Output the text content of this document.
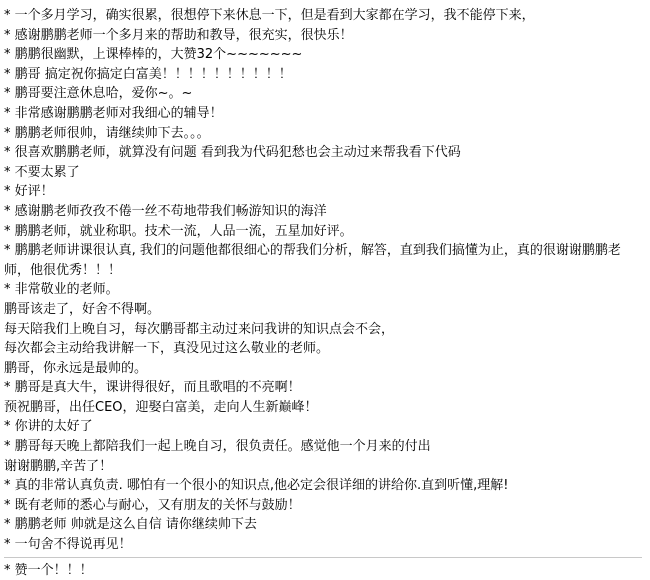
* 一个多月学习，确实很累，很想停下来休息一下，但是看到大家都在学习，我不能停下来，
* 感谢鹏鹏老师一个多月来的帮助和教导，很充实，很快乐！
* 鹏鹏很幽默，上课棒棒的，大赞32个~~~~~~~
* 鹏哥 搞定祝你搞定白富美！！！！！！！！！！
* 鹏哥要注意休息哈，爱你~。~
* 非常感谢鹏鹏老师对我细心的辅导！
* 鹏鹏老师很帅，请继续帅下去。。。
* 很喜欢鹏鹏老师，就算没有问题 看到我为代码犯愁也会主动过来帮我看下代码
* 不要太累了
* 好评！
* 感谢鹏老师孜孜不倦一丝不苟地带我们畅游知识的海洋
* 鹏鹏老师，就业称职。技术一流，人品一流，五星加好评。
* 鹏鹏老师讲课很认真, 我们的问题他都很细心的帮我们分析，解答，直到我们搞懂为止，真的很谢谢鹏鹏老师，他很优秀！！！
* 非常敬业的老师。
鹏哥该走了，好舍不得啊。
每天陪我们上晚自习，每次鹏哥都主动过来问我讲的知识点会不会，
每次都会主动给我讲解一下，真没见过这么敬业的老师。
鹏哥，你永远是最帅的。
* 鹏哥是真大牛，课讲得很好，而且歌唱的不亮啊！
预祝鹏哥，出任CEO，迎娶白富美，走向人生新巅峰！
* 你讲的太好了
* 鹏哥每天晚上都陪我们一起上晚自习，很负责任。感觉他一个月来的付出
谢谢鹏鹏,辛苦了！
* 真的非常认真负责. 哪怕有一个很小的知识点,他必定会很详细的讲给你.直到听懂,理解!
* 既有老师的悉心与耐心，又有朋友的关怀与鼓励！
* 鹏鹏老师 帅就是这么自信 请你继续帅下去
* 一句舍不得说再见！
* 赞一个！！！
